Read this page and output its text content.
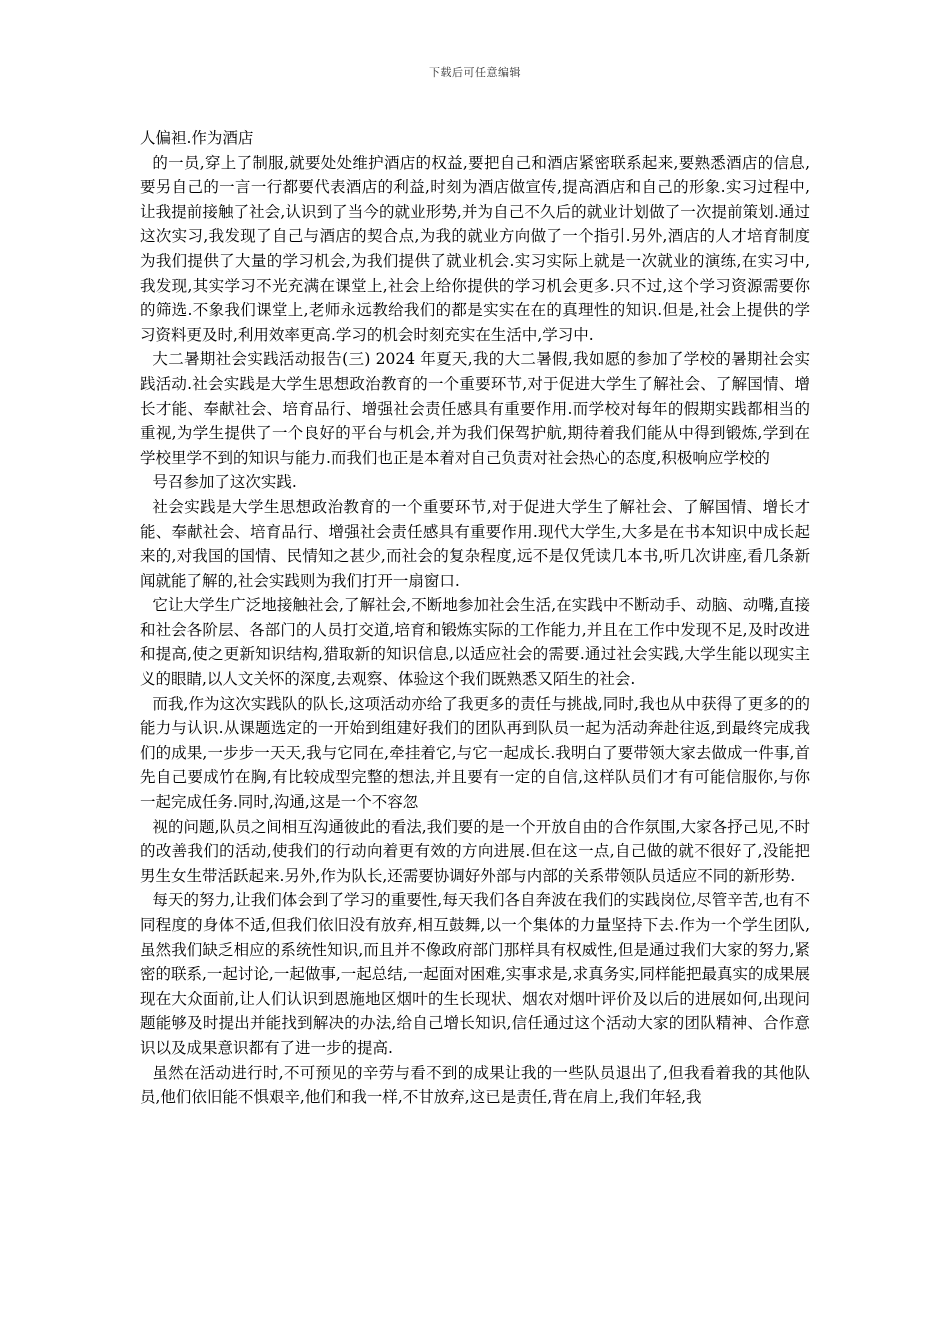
下载后可任意编辑

人偏袒.作为酒店

的一员,穿上了制服,就要处处维护酒店的权益,要把自己和酒店紧密联系起来,要熟悉酒店的信息,要另自己的一言一行都要代表酒店的利益,时刻为酒店做宣传,提高酒店和自己的形象.实习过程中,让我提前接触了社会,认识到了当今的就业形势,并为自己不久后的就业计划做了一次提前策划.通过这次实习,我发现了自己与酒店的契合点,为我的就业方向做了一个指引.另外,酒店的人才培育制度为我们提供了大量的学习机会,为我们提供了就业机会.实习实际上就是一次就业的演练,在实习中,我发现,其实学习不光充满在课堂上,社会上给你提供的学习机会更多.只不过,这个学习资源需要你的筛选.不象我们课堂上,老师永远教给我们的都是实实在在的真理性的知识.但是,社会上提供的学习资料更及时,利用效率更高.学习的机会时刻充实在生活中,学习中.

大二暑期社会实践活动报告(三) 2024 年夏天,我的大二暑假,我如愿的参加了学校的暑期社会实践活动.社会实践是大学生思想政治教育的一个重要环节,对于促进大学生了解社会、了解国情、增长才能、奉献社会、培育品行、增强社会责任感具有重要作用.而学校对每年的假期实践都相当的重视,为学生提供了一个良好的平台与机会,并为我们保驾护航,期待着我们能从中得到锻炼,学到在学校里学不到的知识与能力.而我们也正是本着对自己负责对社会热心的态度,积极响应学校的

号召参加了这次实践.

社会实践是大学生思想政治教育的一个重要环节,对于促进大学生了解社会、了解国情、增长才能、奉献社会、培育品行、增强社会责任感具有重要作用.现代大学生,大多是在书本知识中成长起来的,对我国的国情、民情知之甚少,而社会的复杂程度,远不是仅凭读几本书,听几次讲座,看几条新闻就能了解的,社会实践则为我们打开一扇窗口.

它让大学生广泛地接触社会,了解社会,不断地参加社会生活,在实践中不断动手、动脑、动嘴,直接和社会各阶层、各部门的人员打交道,培育和锻炼实际的工作能力,并且在工作中发现不足,及时改进和提高,使之更新知识结构,猎取新的知识信息,以适应社会的需要.通过社会实践,大学生能以现实主义的眼睛,以人文关怀的深度,去观察、体验这个我们既熟悉又陌生的社会.

而我,作为这次实践队的队长,这项活动亦给了我更多的责任与挑战,同时,我也从中获得了更多的的能力与认识.从课题选定的一开始到组建好我们的团队再到队员一起为活动奔赴往返,到最终完成我们的成果,一步步一天天,我与它同在,牵挂着它,与它一起成长.我明白了要带领大家去做成一件事,首先自己要成竹在胸,有比较成型完整的想法,并且要有一定的自信,这样队员们才有可能信服你,与你一起完成任务.同时,沟通,这是一个不容忽

视的问题,队员之间相互沟通彼此的看法,我们要的是一个开放自由的合作氛围,大家各抒己见,不时的改善我们的活动,使我们的行动向着更有效的方向进展.但在这一点,自己做的就不很好了,没能把男生女生带活跃起来.另外,作为队长,还需要协调好外部与内部的关系带领队员适应不同的新形势.

每天的努力,让我们体会到了学习的重要性,每天我们各自奔波在我们的实践岗位,尽管辛苦,也有不同程度的身体不适,但我们依旧没有放弃,相互鼓舞,以一个集体的力量坚持下去.作为一个学生团队,虽然我们缺乏相应的系统性知识,而且并不像政府部门那样具有权威性,但是通过我们大家的努力,紧密的联系,一起讨论,一起做事,一起总结,一起面对困难,实事求是,求真务实,同样能把最真实的成果展现在大众面前,让人们认识到恩施地区烟叶的生长现状、烟农对烟叶评价及以后的进展如何,出现问题能够及时提出并能找到解决的办法,给自己增长知识,信任通过这个活动大家的团队精神、合作意识以及成果意识都有了进一步的提高.

虽然在活动进行时,不可预见的辛劳与看不到的成果让我的一些队员退出了,但我看着我的其他队员,他们依旧能不惧艰辛,他们和我一样,不甘放弃,这已是责任,背在肩上,我们年轻,我
